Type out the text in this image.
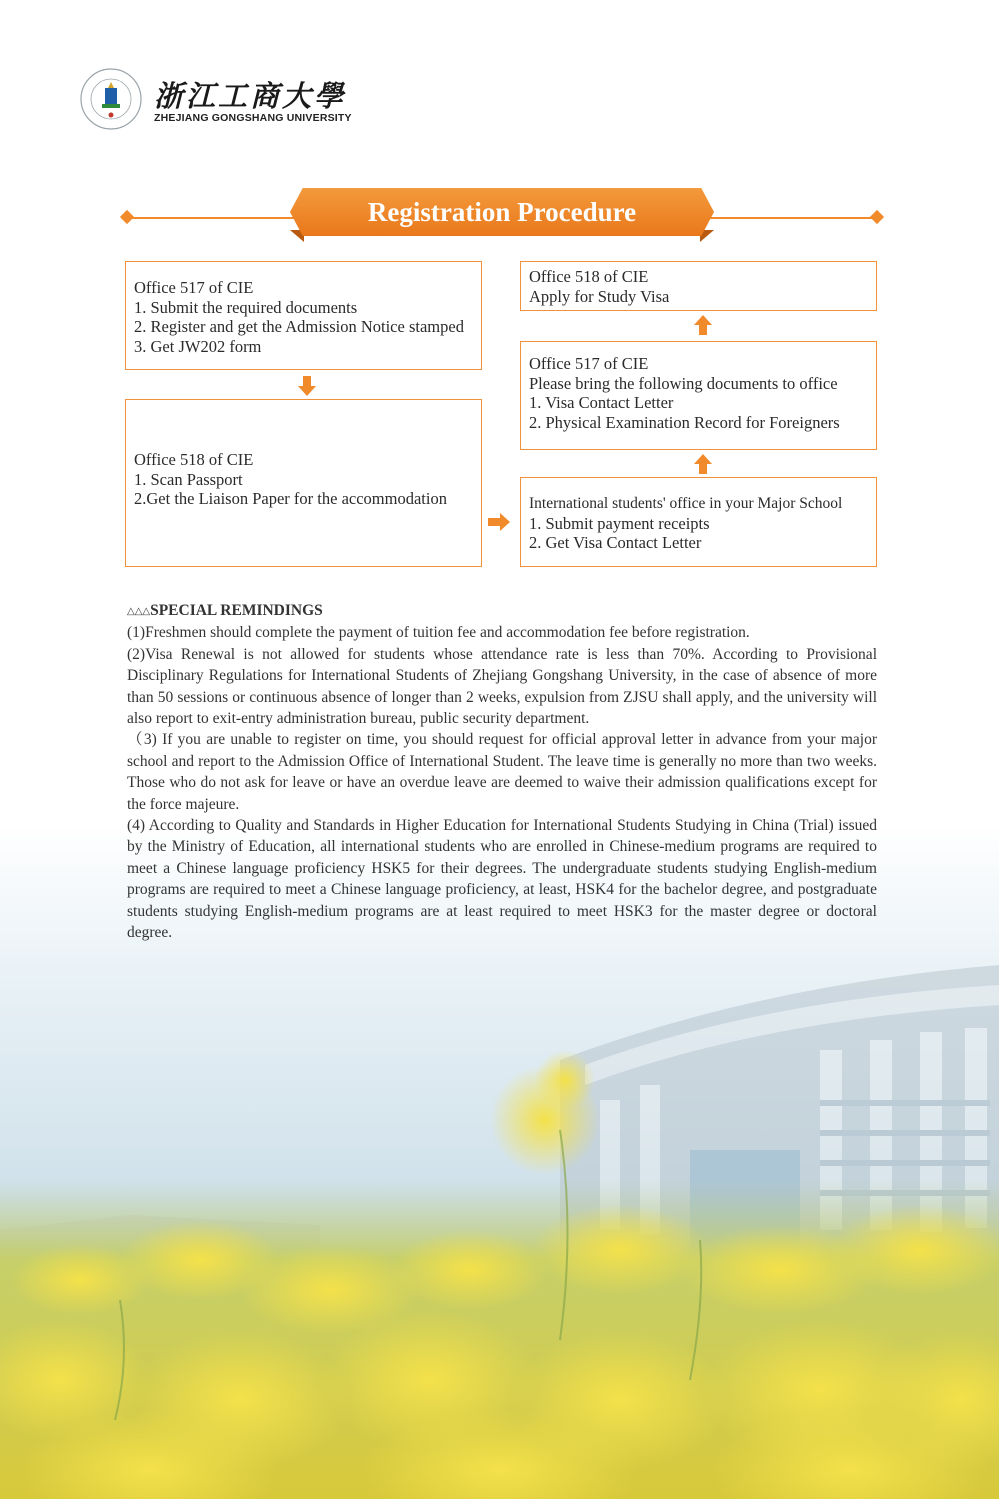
浙江工商大學
ZHEJIANG GONGSHANG UNIVERSITY
Registration Procedure
Office 517 of CIE
1. Submit the required documents
2. Register and get the Admission Notice stamped
3. Get JW202 form
Office 518 of CIE
1. Scan Passport
2.Get the Liaison Paper for the accommodation	International students' office in your Major School
1. Submit payment receipts
2. Get Visa Contact Letter
Office 517 of CIE
Please bring the following documents to office
1. Visa Contact Letter
2. Physical Examination Record for Foreigners
Office 518 of CIE
Apply for Study Visa
△△△SPECIAL REMINDINGS

(1)Freshmen should complete the payment of tuition fee and accommodation fee before registration.

(2)Visa Renewal is not allowed for students whose attendance rate is less than 70%. According to Provisional Disciplinary Regulations for International Students of Zhejiang Gongshang University, in the case of absence of more than 50 sessions or continuous absence of longer than 2 weeks, expulsion from ZJSU shall apply, and the university will also report to exit-entry administration bureau, public security department.

（3) If you are unable to register on time, you should request for official approval letter in advance from your major school and report to the Admission Office of International Student. The leave time is generally no more than two weeks. Those who do not ask for leave or have an overdue leave are deemed to waive their admission qualifications except for the force majeure.

(4) According to Quality and Standards in Higher Education for International Students Studying in China (Trial) issued by the Ministry of Education, all international students who are enrolled in Chinese-medium programs are required to meet a Chinese language proficiency HSK5 for their degrees. The undergraduate students studying English-medium programs are required to meet a Chinese language proficiency, at least, HSK4 for the bachelor degree, and postgraduate students studying English-medium programs are at least required to meet HSK3 for the master degree or doctoral degree.
